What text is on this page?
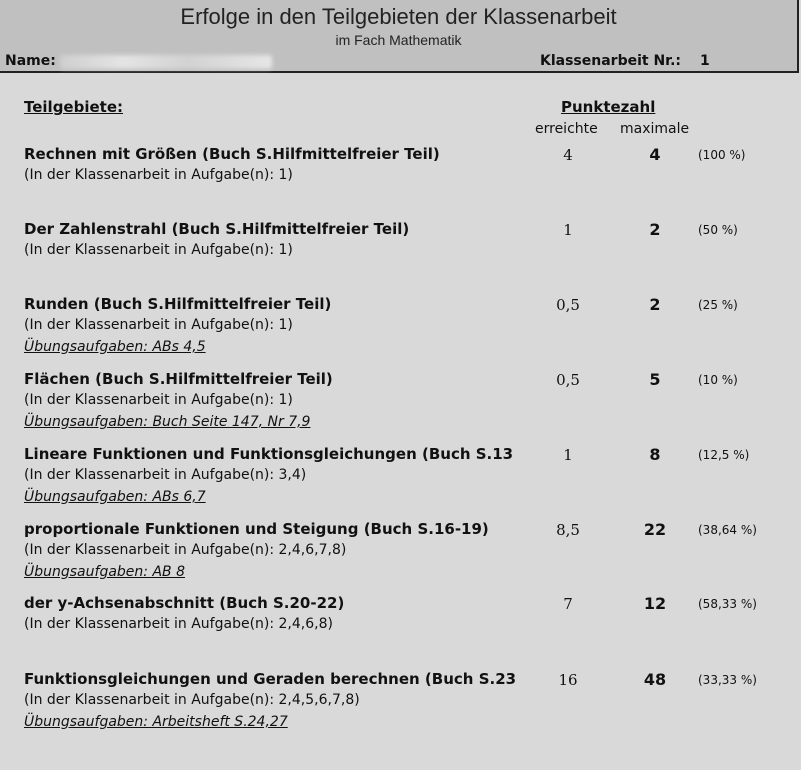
Erfolge in den Teilgebieten der Klassenarbeit
im Fach Mathematik
Name:	Klassenarbeit Nr.: 1
Teilgebiete:	Punktezahl
erreichte maximale
Rechnen mit Größen (Buch S.Hilfmittelfreier Teil)
(In der Klassenarbeit in Aufgabe(n): 1)
4	4	(100 %)
Der Zahlenstrahl (Buch S.Hilfmittelfreier Teil)
(In der Klassenarbeit in Aufgabe(n): 1)
1	2	(50 %)
Runden (Buch S.Hilfmittelfreier Teil)
(In der Klassenarbeit in Aufgabe(n): 1)
Übungsaufgaben: ABs 4,5
0,5	2	(25 %)
Flächen (Buch S.Hilfmittelfreier Teil)
(In der Klassenarbeit in Aufgabe(n): 1)
Übungsaufgaben: Buch Seite 147, Nr 7,9
0,5	5	(10 %)
Lineare Funktionen und Funktionsgleichungen (Buch S.13
(In der Klassenarbeit in Aufgabe(n): 3,4)
Übungsaufgaben: ABs 6,7
1	8	(12,5 %)
proportionale Funktionen und Steigung (Buch S.16-19)
(In der Klassenarbeit in Aufgabe(n): 2,4,6,7,8)
Übungsaufgaben: AB 8
8,5	22	(38,64 %)
der y-Achsenabschnitt (Buch S.20-22)
(In der Klassenarbeit in Aufgabe(n): 2,4,6,8)
7	12	(58,33 %)
Funktionsgleichungen und Geraden berechnen (Buch S.23
(In der Klassenarbeit in Aufgabe(n): 2,4,5,6,7,8)
Übungsaufgaben: Arbeitsheft S.24,27
16	48	(33,33 %)
